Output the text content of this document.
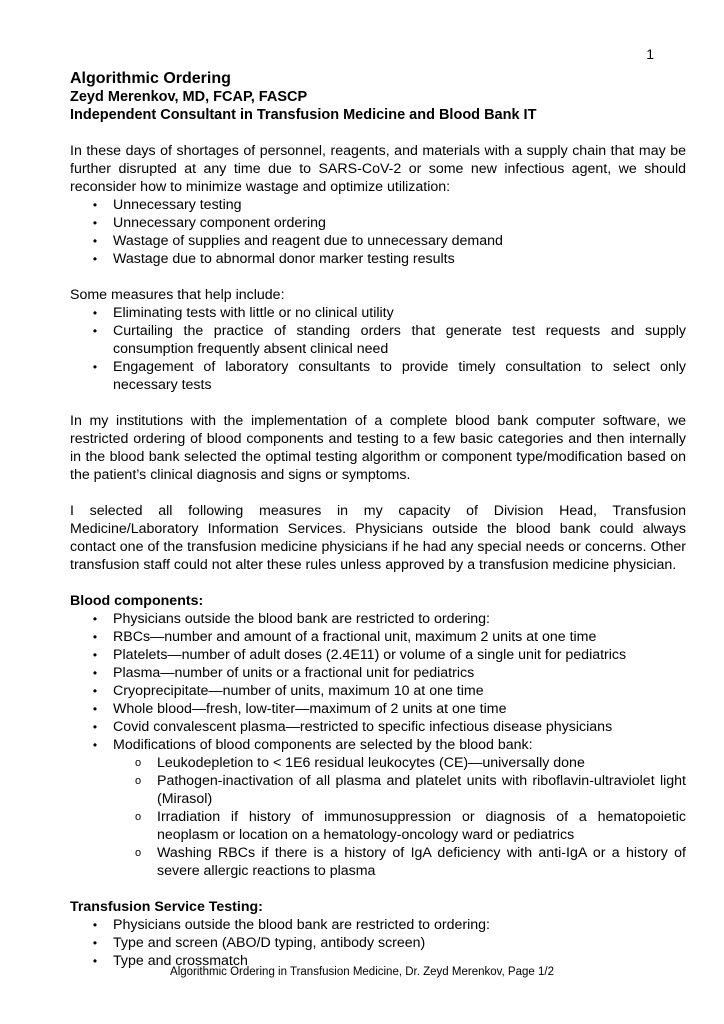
1
Algorithmic Ordering
Zeyd Merenkov, MD, FCAP, FASCP
Independent Consultant in Transfusion Medicine and Blood Bank IT

In these days of shortages of personnel, reagents, and materials with a supply chain that may be further disrupted at any time due to SARS-CoV-2 or some new infectious agent, we should reconsider how to minimize wastage and optimize utilization:

• Unnecessary testing
• Unnecessary component ordering
• Wastage of supplies and reagent due to unnecessary demand
• Wastage due to abnormal donor marker testing results

Some measures that help include:

• Eliminating tests with little or no clinical utility
• Curtailing the practice of standing orders that generate test requests and supply consumption frequently absent clinical need
• Engagement of laboratory consultants to provide timely consultation to select only necessary tests

In my institutions with the implementation of a complete blood bank computer software, we restricted ordering of blood components and testing to a few basic categories and then internally in the blood bank selected the optimal testing algorithm or component type/modification based on the patient’s clinical diagnosis and signs or symptoms.

I selected all following measures in my capacity of Division Head, Transfusion Medicine/Laboratory Information Services. Physicians outside the blood bank could always contact one of the transfusion medicine physicians if he had any special needs or concerns. Other transfusion staff could not alter these rules unless approved by a transfusion medicine physician.

Blood components:
• Physicians outside the blood bank are restricted to ordering:
• RBCs—number and amount of a fractional unit, maximum 2 units at one time
• Platelets—number of adult doses (2.4E11) or volume of a single unit for pediatrics
• Plasma—number of units or a fractional unit for pediatrics
• Cryoprecipitate—number of units, maximum 10 at one time
• Whole blood—fresh, low-titer—maximum of 2 units at one time
• Covid convalescent plasma—restricted to specific infectious disease physicians
• Modifications of blood components are selected by the blood bank:
o Leukodepletion to < 1E6 residual leukocytes (CE)—universally done
o Pathogen-inactivation of all plasma and platelet units with riboflavin-ultraviolet light (Mirasol)
o Irradiation if history of immunosuppression or diagnosis of a hematopoietic neoplasm or location on a hematology-oncology ward or pediatrics
o Washing RBCs if there is a history of IgA deficiency with anti-IgA or a history of severe allergic reactions to plasma
Transfusion Service Testing:
• Physicians outside the blood bank are restricted to ordering:
• Type and screen (ABO/D typing, antibody screen)
• Type and crossmatch
Algorithmic Ordering in Transfusion Medicine, Dr. Zeyd Merenkov, Page 1/2
